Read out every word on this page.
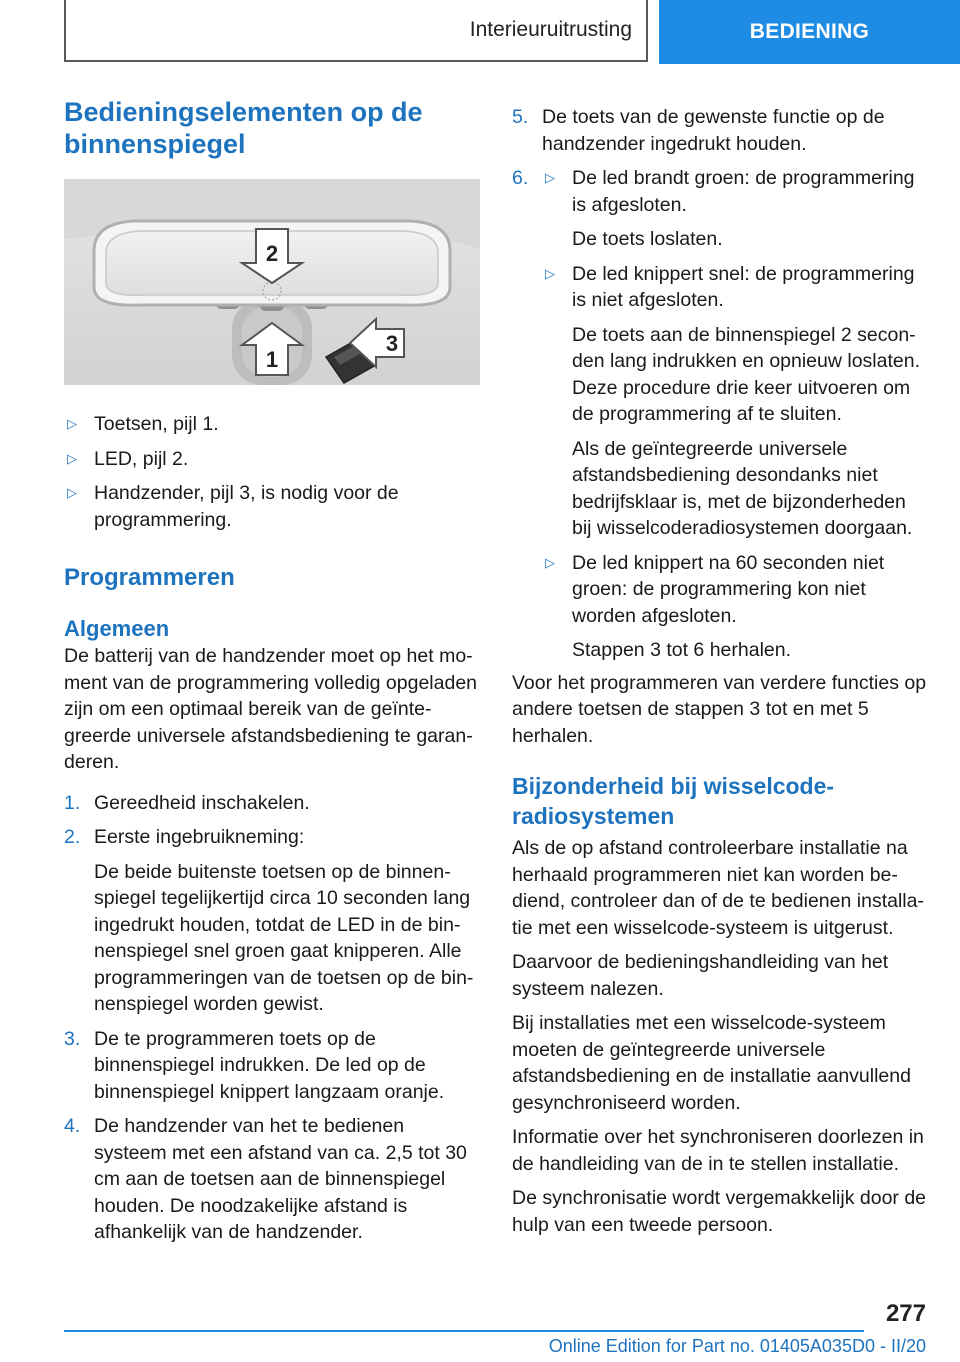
Interieuruitrusting	BEDIENING
Bedieningselementen op de binnenspiegel
2
1
3
▷ Toetsen, pijl 1.
▷ LED, pijl 2.
▷ Handzender, pijl 3, is nodig voor de programmering.
Programmeren
Algemeen

De batterij van de handzender moet op het moment van de programmering volledig opgeladen zijn om een optimaal bereik van de geïntegreerde universele afstandsbediening te garanderen.

1. Gereedheid inschakelen.

2. Eerste ingebruikneming:

De beide buitenste toetsen op de binnenspiegel tegelijkertijd circa 10 seconden lang ingedrukt houden, totdat de LED in de binnenspiegel snel groen gaat knipperen. Alle programmeringen van de toetsen op de binnenspiegel worden gewist.

3. De te programmeren toets op de binnenspiegel indrukken. De led op de binnenspiegel knippert langzaam oranje.

4. De handzender van het te bedienen systeem met een afstand van ca. 2,5 tot 30 cm aan de toetsen aan de binnenspiegel houden. De noodzakelijke afstand is afhankelijk van de handzender.

5. De toets van de gewenste functie op de handzender ingedrukt houden.

6.	▷ De led brandt groen: de programmering is afgesloten.

De toets loslaten.

▷ De led knippert snel: de programmering is niet afgesloten.

De toets aan de binnenspiegel 2 seconden lang indrukken en opnieuw loslaten. Deze procedure drie keer uitvoeren om de programmering af te sluiten.

Als de geïntegreerde universele afstandsbediening desondanks niet bedrijfsklaar is, met de bijzonderheden bij wisselcoderadiosystemen doorgaan.

▷ De led knippert na 60 seconden niet groen: de programmering kon niet worden afgesloten.

Stappen 3 tot 6 herhalen.

Voor het programmeren van verdere functies op andere toetsen de stappen 3 tot en met 5 herhalen.

Bijzonderheid bij wisselcoderadiosystemen

Als de op afstand controleerbare installatie na herhaald programmeren niet kan worden bediend, controleer dan of de te bedienen installatie met een wisselcode-systeem is uitgerust.

Daarvoor de bedieningshandleiding van het systeem nalezen.

Bij installaties met een wisselcode-systeem moeten de geïntegreerde universele afstandsbediening en de installatie aanvullend gesynchroniseerd worden.

Informatie over het synchroniseren doorlezen in de handleiding van de in te stellen installatie.

De synchronisatie wordt vergemakkelijk door de hulp van een tweede persoon.

277
Online Edition for Part no. 01405A035D0 - II/20
